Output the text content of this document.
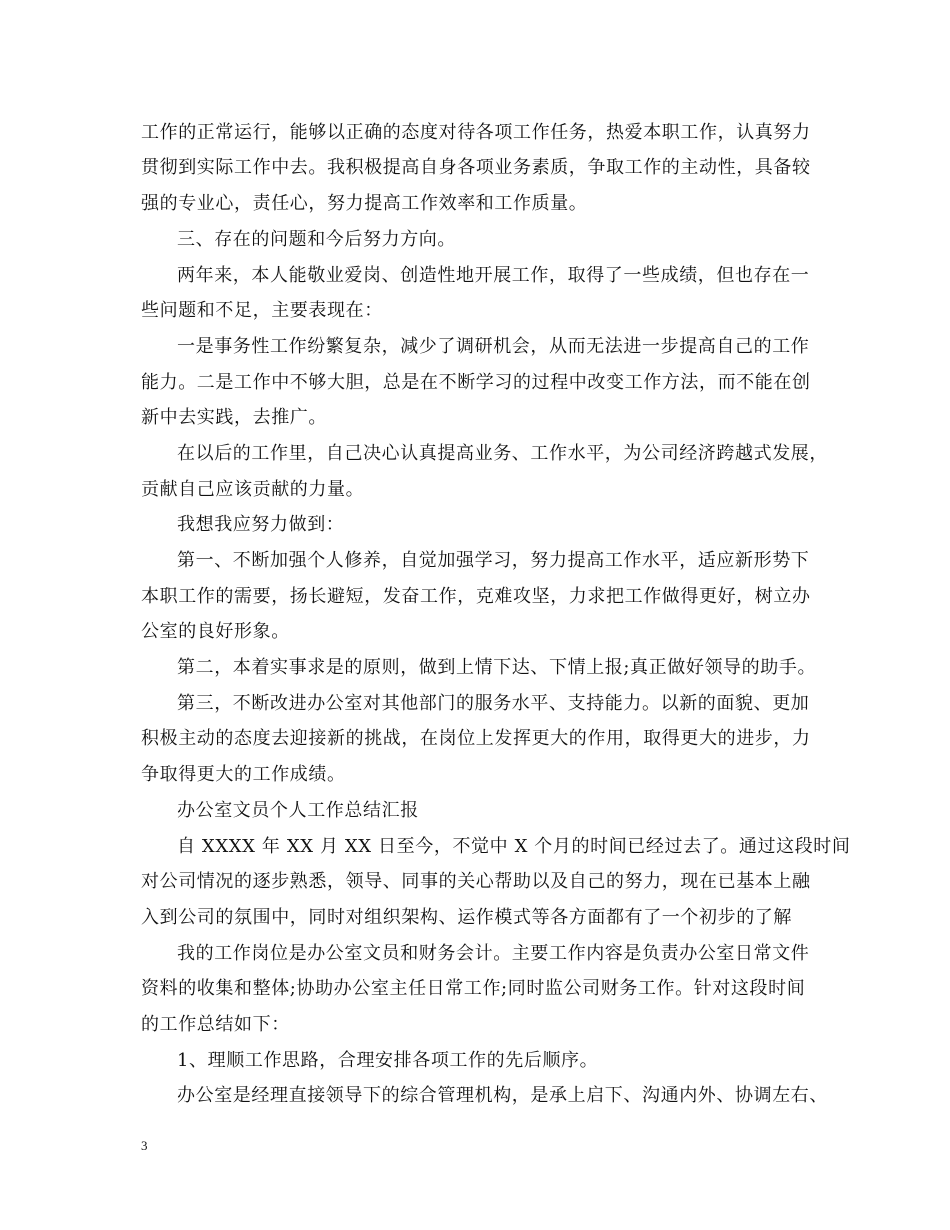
工作的正常运行，能够以正确的态度对待各项工作任务，热爱本职工作，认真努力
贯彻到实际工作中去。我积极提高自身各项业务素质，争取工作的主动性，具备较
强的专业心，责任心，努力提高工作效率和工作质量。
三、存在的问题和今后努力方向。
两年来，本人能敬业爱岗、创造性地开展工作，取得了一些成绩，但也存在一
些问题和不足，主要表现在：
一是事务性工作纷繁复杂，减少了调研机会，从而无法进一步提高自己的工作
能力。二是工作中不够大胆，总是在不断学习的过程中改变工作方法，而不能在创
新中去实践，去推广。
在以后的工作里，自己决心认真提高业务、工作水平，为公司经济跨越式发展，
贡献自己应该贡献的力量。
我想我应努力做到：
第一、不断加强个人修养，自觉加强学习，努力提高工作水平，适应新形势下
本职工作的需要，扬长避短，发奋工作，克难攻坚，力求把工作做得更好，树立办
公室的良好形象。
第二，本着实事求是的原则，做到上情下达、下情上报;真正做好领导的助手。
第三，不断改进办公室对其他部门的服务水平、支持能力。以新的面貌、更加
积极主动的态度去迎接新的挑战，在岗位上发挥更大的作用，取得更大的进步，力
争取得更大的工作成绩。
办公室文员个人工作总结汇报
自 XXXX 年 XX 月 XX 日至今，不觉中 X 个月的时间已经过去了。通过这段时间
对公司情况的逐步熟悉，领导、同事的关心帮助以及自己的努力，现在已基本上融
入到公司的氛围中，同时对组织架构、运作模式等各方面都有了一个初步的了解
我的工作岗位是办公室文员和财务会计。主要工作内容是负责办公室日常文件
资料的收集和整体;协助办公室主任日常工作;同时监公司财务工作。针对这段时间
的工作总结如下：
1、理顺工作思路，合理安排各项工作的先后顺序。
办公室是经理直接领导下的综合管理机构，是承上启下、沟通内外、协调左右、
3
